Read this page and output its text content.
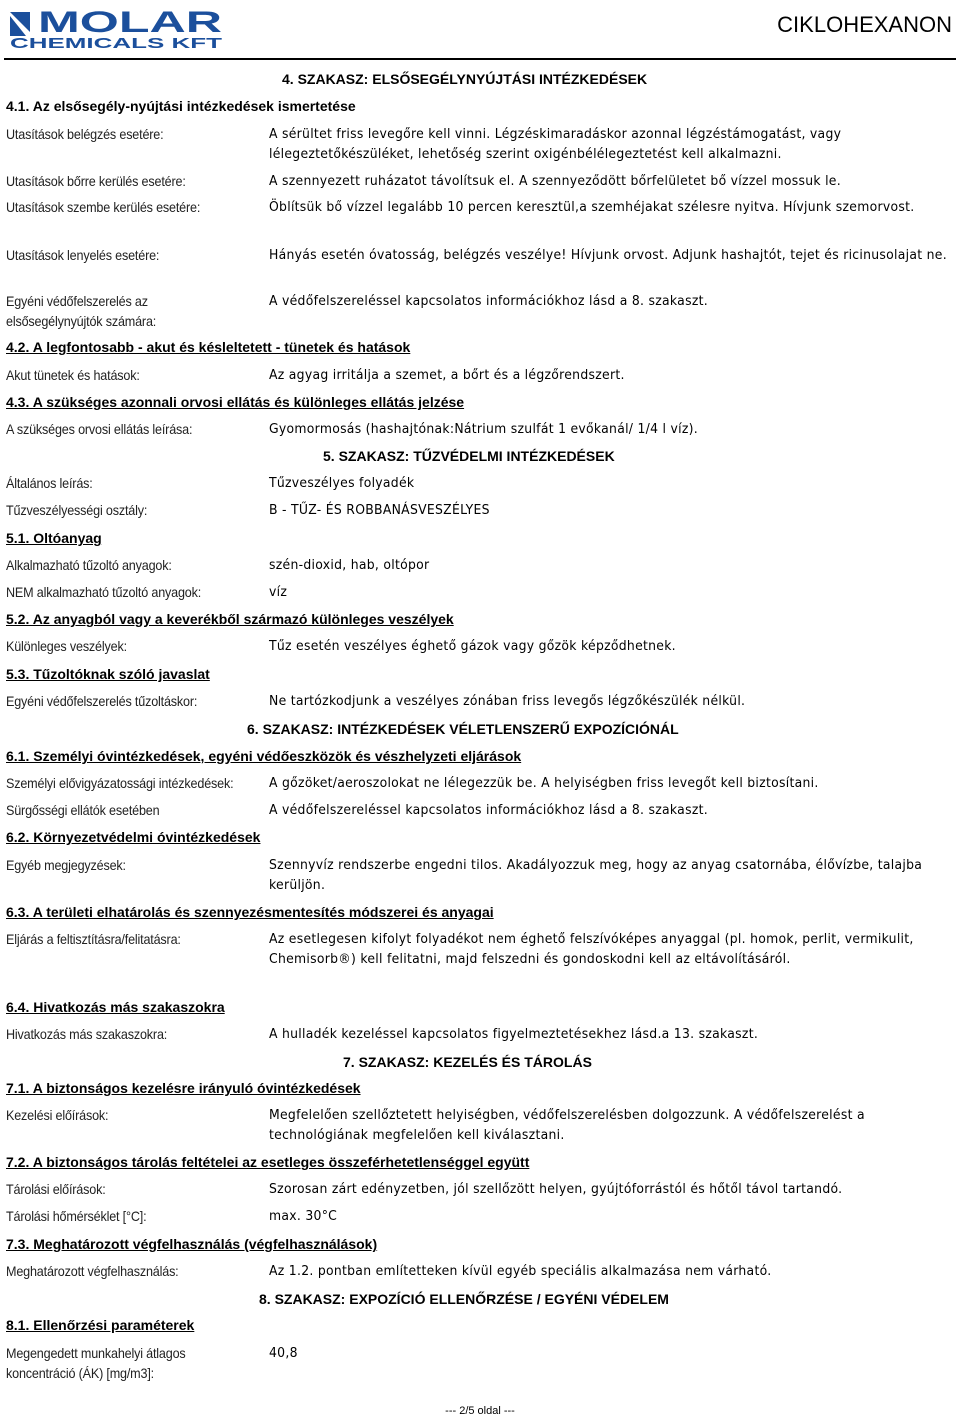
MOLAR
CHEMICALS KFT
CIKLOHEXANON
4. SZAKASZ: ELSŐSEGÉLYNYÚJTÁSI INTÉZKEDÉSEK
4.1. Az elsősegély-nyújtási intézkedések ismertetése
Utasítások belégzés esetére:	A sérültet friss levegőre kell vinni. Légzéskimaradáskor azonnal légzéstámogatást, vagy lélegeztetőkészüléket, lehetőség szerint oxigénbélélegeztetést kell alkalmazni.
Utasítások bőrre kerülés esetére:	A szennyezett ruházatot távolítsuk el. A szennyeződött bőrfelületet bő vízzel mossuk le.
Utasítások szembe kerülés esetére:	Öblítsük bő vízzel legalább 10 percen keresztül,a szemhéjakat szélesre nyitva. Hívjunk szemorvost.
Utasítások lenyelés esetére:	Hányás esetén óvatosság, belégzés veszélye! Hívjunk orvost. Adjunk hashajtót, tejet és ricinusolajat ne.
Egyéni védőfelszerelés az elsősegélynyújtók számára:
A védőfelszereléssel kapcsolatos információkhoz lásd a 8. szakaszt.
4.2. A legfontosabb - akut és késleltetett - tünetek és hatások
Akut tünetek és hatások:	Az agyag irritálja a szemet, a bőrt és a légzőrendszert.
4.3. A szükséges azonnali orvosi ellátás és különleges ellátás jelzése
A szükséges orvosi ellátás leírása:	Gyomormosás (hashajtónak:Nátrium szulfát 1 evőkanál/ 1/4 l víz).
5. SZAKASZ: TŰZVÉDELMI INTÉZKEDÉSEK
Általános leírás:	Tűzveszélyes folyadék
Tűzveszélyességi osztály:	B - TŰZ- ÉS ROBBANÁSVESZÉLYES
5.1. Oltóanyag
Alkalmazható tűzoltó anyagok:	szén-dioxid, hab, oltópor
NEM alkalmazható tűzoltó anyagok:	víz
5.2. Az anyagból vagy a keverékből származó különleges veszélyek
Különleges veszélyek:	Tűz esetén veszélyes éghető gázok vagy gőzök képződhetnek.
5.3. Tűzoltóknak szóló javaslat
Egyéni védőfelszerelés tűzoltáskor:	Ne tartózkodjunk a veszélyes zónában friss levegős légzőkészülék nélkül.
6. SZAKASZ: INTÉZKEDÉSEK VÉLETLENSZERŰ EXPOZÍCIÓNÁL
6.1. Személyi óvintézkedések, egyéni védőeszközök és vészhelyzeti eljárások
Személyi elővigyázatossági intézkedések:	A gőzöket/aeroszolokat ne lélegezzük be. A helyiségben friss levegőt kell biztosítani.
Sürgősségi ellátók esetében	A védőfelszereléssel kapcsolatos információkhoz lásd a 8. szakaszt.
6.2. Környezetvédelmi óvintézkedések
Egyéb megjegyzések:	Szennyvíz rendszerbe engedni tilos. Akadályozzuk meg, hogy az anyag csatornába, élővízbe, talajba kerüljön.
6.3. A területi elhatárolás és szennyezésmentesítés módszerei és anyagai
Eljárás a feltisztításra/felitatásra:	Az esetlegesen kifolyt folyadékot nem éghető felszívóképes anyaggal (pl. homok, perlit, vermikulit, Chemisorb®) kell felitatni, majd felszedni és gondoskodni kell az eltávolításáról.
6.4. Hivatkozás más szakaszokra
Hivatkozás más szakaszokra:	A hulladék kezeléssel kapcsolatos figyelmeztetésekhez lásd.a 13. szakaszt.
7. SZAKASZ: KEZELÉS ÉS TÁROLÁS
7.1. A biztonságos kezelésre irányuló óvintézkedések
Kezelési előírások:	Megfelelően szellőztetett helyiségben, védőfelszerelésben dolgozzunk. A védőfelszerelést a technológiának megfelelően kell kiválasztani.
7.2. A biztonságos tárolás feltételei az esetleges összeférhetetlenséggel együtt
Tárolási előírások:	Szorosan zárt edényzetben, jól szellőzött helyen, gyújtóforrástól és hőtől távol tartandó.
Tárolási hőmérséklet [°C]:	max. 30°C
7.3. Meghatározott végfelhasználás (végfelhasználások)
Meghatározott végfelhasználás:	Az 1.2. pontban említetteken kívül egyéb speciális alkalmazása nem várható.
8. SZAKASZ: EXPOZÍCIÓ ELLENŐRZÉSE / EGYÉNI VÉDELEM
8.1. Ellenőrzési paraméterek
Megengedett munkahelyi átlagos koncentráció (ÁK) [mg/m3]:
40,8
--- 2/5 oldal ---
